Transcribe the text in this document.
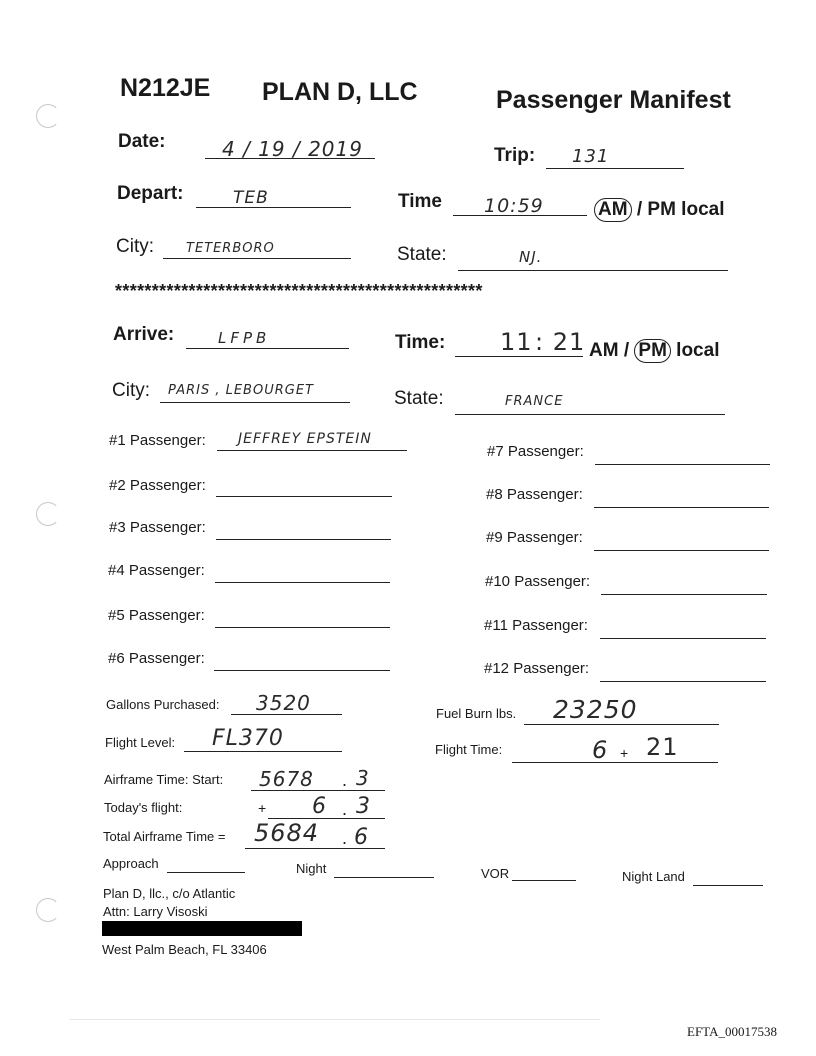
N212JE PLAN D, LLC	Passenger Manifest
Date:	4 / 19 / 2019	Trip: 131
Depart:	TEB	Time 10:59	AM / PM local
City: TETERBORO	State:	NJ.
**************************************************
Arrive:	LFPB	Time: 11 : 21 AM / PM local
City: PARIS , LEBOURGET	State:	FRANCE
#1 Passenger: JEFFREY EPSTEIN
#2 Passenger:
#3 Passenger:
#4 Passenger:
#5 Passenger:
#6 Passenger:
#7 Passenger:
#8 Passenger:
#9 Passenger:
#10 Passenger:
#11 Passenger:
#12 Passenger:
Gallons Purchased: 3520	Fuel Burn lbs. 23250
Flight Level: FL370	Flight Time:	6 + 21
Airframe Time: Start: 5678 . 3
Today's flight:	+ 6 . 3
Total Airframe Time = 5684 . 6
Approach	Night	VOR	Night Land
Plan D, llc., c/o Atlantic
Attn: Larry Visoski
West Palm Beach, FL 33406
EFTA_00017538
